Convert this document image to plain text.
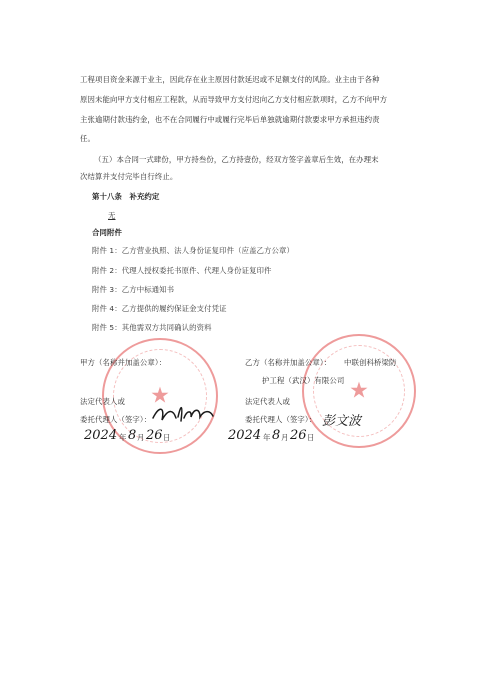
工程项目资金来源于业主，因此存在业主原因付款延迟或不足额支付的风险。业主由于各种
原因未能向甲方支付相应工程款，从而导致甲方支付迟向乙方支付相应款项时，乙方不向甲方
主张逾期付款违约金，也不在合同履行中或履行完毕后单独就逾期付款要求甲方承担违约责
任。
（五）本合同一式肆份，甲方持叁份，乙方持壹份，经双方签字盖章后生效，在办理末
次结算并支付完毕自行终止。
第十八条　补充约定
无
合同附件
附件 1：乙方营业执照、法人身份证复印件（应盖乙方公章）
附件 2：代理人授权委托书原件、代理人身份证复印件
附件 3：乙方中标通知书
附件 4：乙方提供的履约保证金支付凭证
附件 5：其他需双方共同确认的资料
★	★
甲方（名称并加盖公章）：
法定代表人或
委托代理人（签字）：
2024 年 8 月 26 日
乙方（名称并加盖公章）： 中联创科桥梁防
护工程（武汉）有限公司
法定代表人或
委托代理人（签字）： 彭文波
2024 年 8 月 26 日
